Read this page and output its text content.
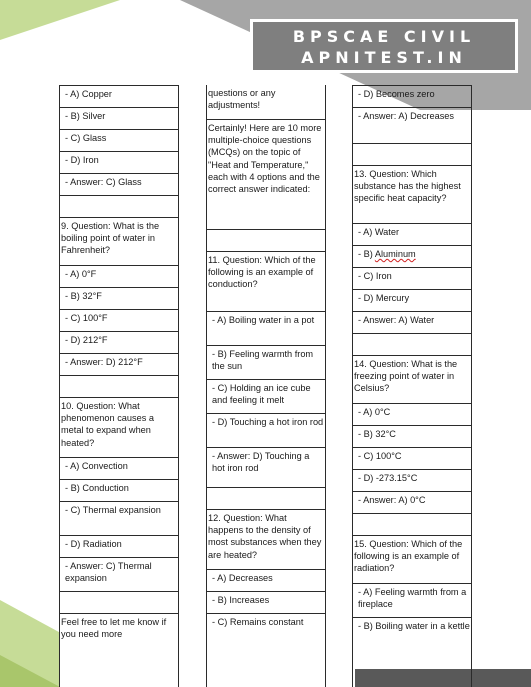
BPSCAE CIVIL
APNITEST.IN
- A) Copper
- B) Silver
- C) Glass
- D) Iron
- Answer: C) Glass
9. Question: What is the boiling point of water in Fahrenheit?
- A) 0°F
- B) 32°F
- C) 100°F
- D) 212°F
- Answer: D) 212°F
10. Question: What phenomenon causes a metal to expand when heated?
- A) Convection
- B) Conduction
- C) Thermal expansion
- D) Radiation
- Answer: C) Thermal expansion
Feel free to let me know if you need more
questions or any adjustments!
Certainly! Here are 10 more multiple-choice questions (MCQs) on the topic of "Heat and Temperature," each with 4 options and the correct answer indicated:
11. Question: Which of the following is an example of conduction?
- A) Boiling water in a pot
- B) Feeling warmth from the sun
- C) Holding an ice cube and feeling it melt
- D) Touching a hot iron rod
- Answer: D) Touching a hot iron rod
12. Question: What happens to the density of most substances when they are heated?
- A) Decreases
- B) Increases
- C) Remains constant
- D) Becomes zero
- Answer: A) Decreases
13. Question: Which substance has the highest specific heat capacity?
- A) Water
- B) Aluminum
- C) Iron
- D) Mercury
- Answer: A) Water
14. Question: What is the freezing point of water in Celsius?
- A) 0°C
- B) 32°C
- C) 100°C
- D) -273.15°C
- Answer: A) 0°C
15. Question: Which of the following is an example of radiation?
- A) Feeling warmth from a fireplace
- B) Boiling water in a kettle
